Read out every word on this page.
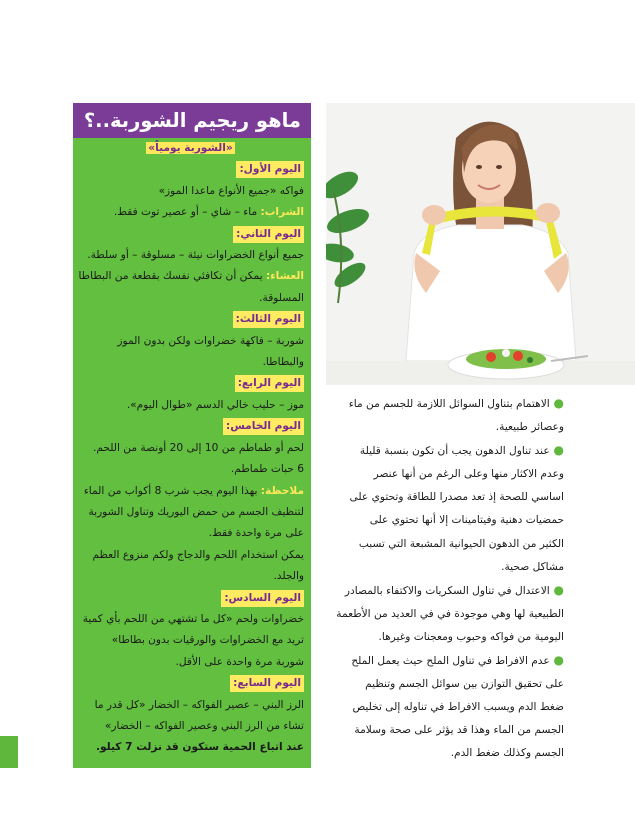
ماهو ريجيم الشوربة..؟

«الشوربة يومياً»

اليوم الأول:

فواكه «جميع الأنواع ماعدا الموز»

الشراب: ماء – شاي – أو عصير توت فقط.

اليوم الثاني:

جميع أنواع الخضراوات نيئة – مسلوقة – أو سلطة.

العشاء: يمكن أن تكافئي نفسك بقطعة من البطاطا

المسلوقة.

اليوم الثالث:

شوربة – فاكهة خضراوات ولكن بدون الموز

والبطاطا.

اليوم الرابع:

موز – حليب خالي الدسم «طوال اليوم».

اليوم الخامس:

لحم أو طماطم من 10 إلى 20 أونصة من اللحم.

6 حبات طماطم.

ملاحظة: بهذا اليوم يجب شرب 8 أكواب من الماء

لتنظيف الجسم من حمض اليوريك وتناول الشوربة

على مرة واحدة فقط.

يمكن استخدام اللحم والدجاج ولكم منزوع العظم

والجلد.

اليوم السادس:

خضراوات ولحم «كل ما تشتهي من اللحم بأي كمية

تريد مع الخضراوات والورقيات بدون بطاطا»

شوربة مرة واحدة على الأقل.

اليوم السابع:

الرز البني – عصير الفواكه – الخضار «كل قدر ما

تشاء من الرز البني وعصير الفواكه – الخضار»

عند اتباع الحمية ستكون قد نزلت 7 كيلو.

● الاهتمام بتناول السوائل اللازمة للجسم من ماء

وعصائر طبيعية.

● عند تناول الدهون يجب أن تكون بنسبة قليلة

وعدم الاكثار منها وعلى الرغم من أنها عنصر

اساسي للصحة إذ تعد مصدرا للطاقة وتحتوي على

حمضيات دهنية وفيتامينات إلا أنها تحتوي على

الكثير من الدهون الحيوانية المشبعة التي تسبب

مشاكل صحية.

● الاعتدال في تناول السكريات والاكتفاء بالمصادر

الطبيعية لها وهي موجودة في في العديد من الأطعمة

اليومية من فواكه وحبوب ومعجنات وغيرها.

● عدم الافراط في تناول الملح حيث يعمل الملح

على تحقيق التوازن بين سوائل الجسم وتنظيم

ضغط الدم ويسبب الافراط في تناوله إلى تخليص

الجسم من الماء وهذا قد يؤثر على صحة وسلامة

الجسم وكذلك ضغط الدم.
